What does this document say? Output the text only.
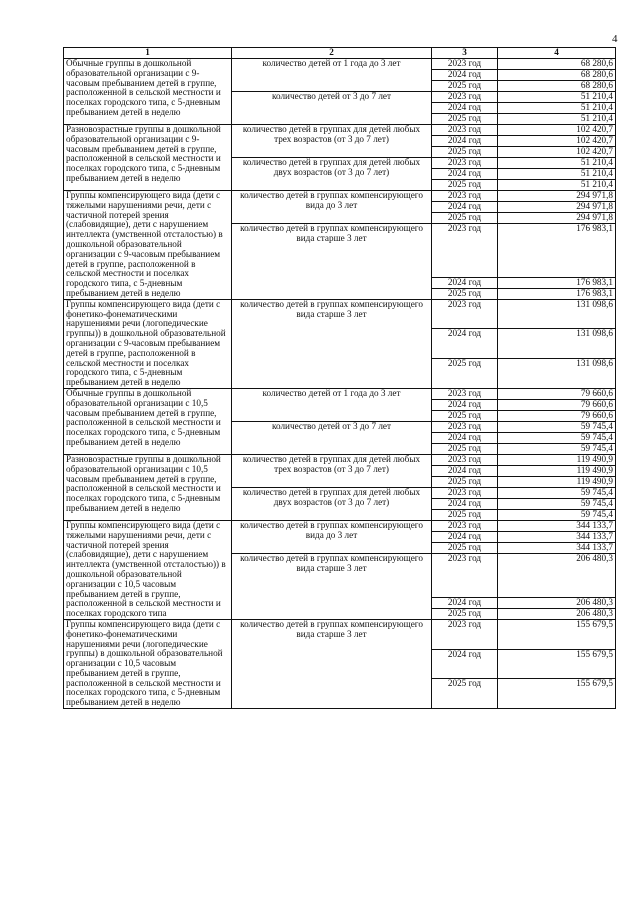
4
1	2	3	4
Обычные группы в дошкольной образовательной организации с 9-часовым пребыванием детей в группе, расположенной в сельской местности и поселках городского типа, с 5-дневным пребыванием детей в неделю	количество детей от 1 года до 3 лет	2023 год	68 280,6
		2024 год	68 280,6
		2025 год	68 280,6
	количество детей от 3 до 7 лет	2023 год	51 210,4
		2024 год	51 210,4
		2025 год	51 210,4
Разновозрастные группы в дошкольной образовательной организации с 9-часовым пребыванием детей в группе, расположенной в сельской местности и поселках городского типа, с 5-дневным пребыванием детей в неделю	количество детей в группах для детей любых трех возрастов (от 3 до 7 лет)	2023 год	102 420,7
		2024 год	102 420,7
		2025 год	102 420,7
	количество детей в группах для детей любых двух возрастов (от 3 до 7 лет)	2023 год	51 210,4
		2024 год	51 210,4
		2025 год	51 210,4
Группы компенсирующего вида (дети с тяжелыми нарушениями речи, дети с частичной потерей зрения (слабовидящие), дети с нарушением интеллекта (умственной отсталостью) в дошкольной образовательной организации с 9-часовым пребыванием детей в группе, расположенной в сельской местности и поселках городского типа, с 5-дневным пребыванием детей в неделю	количество детей в группах компенсирующего вида до 3 лет	2023 год	294 971,8
		2024 год	294 971,8
		2025 год	294 971,8
	количество детей в группах компенсирующего вида старше 3 лет	2023 год	176 983,1
		2024 год	176 983,1
		2025 год	176 983,1
Группы компенсирующего вида (дети с фонетико-фонематическими нарушениями речи (логопедические группы)) в дошкольной образовательной организации с 9-часовым пребыванием детей в группе, расположенной в сельской местности и поселках городского типа, с 5-дневным пребыванием детей в неделю	количество детей в группах компенсирующего вида старше 3 лет	2023 год	131 098,6
		2024 год	131 098,6
		2025 год	131 098,6
Обычные группы в дошкольной образовательной организации с 10,5 часовым пребыванием детей в группе, расположенной в сельской местности и поселках городского типа, с 5-дневным пребыванием детей в неделю	количество детей от 1 года до 3 лет	2023 год	79 660,6
		2024 год	79 660,6
		2025 год	79 660,6
	количество детей от 3 до 7 лет	2023 год	59 745,4
		2024 год	59 745,4
		2025 год	59 745,4
Разновозрастные группы в дошкольной образовательной организации с 10,5 часовым пребыванием детей в группе, расположенной в сельской местности и поселках городского типа, с 5-дневным пребыванием детей в неделю	количество детей в группах для детей любых трех возрастов (от 3 до 7 лет)	2023 год	119 490,9
		2024 год	119 490,9
		2025 год	119 490,9
	количество детей в группах для детей любых двух возрастов (от 3 до 7 лет)	2023 год	59 745,4
		2024 год	59 745,4
		2025 год	59 745,4
Группы компенсирующего вида (дети с тяжелыми нарушениями речи, дети с частичной потерей зрения (слабовидящие), дети с нарушением интеллекта (умственной отсталостью)) в дошкольной образовательной организации с 10,5 часовым пребыванием детей в группе, расположенной в сельской местности и поселках городского типа	количество детей в группах компенсирующего вида до 3 лет	2023 год	344 133,7
		2024 год	344 133,7
		2025 год	344 133,7
	количество детей в группах компенсирующего вида старше 3 лет	2023 год	206 480,3
		2024 год	206 480,3
		2025 год	206 480,3
Группы компенсирующего вида (дети с фонетико-фонематическими нарушениями речи (логопедические группы) в дошкольной образовательной организации с 10,5 часовым пребыванием детей в группе, расположенной в сельской местности и поселках городского типа, с 5-дневным пребыванием детей в неделю	количество детей в группах компенсирующего вида старше 3 лет	2023 год	155 679,5
		2024 год	155 679,5
		2025 год	155 679,5
